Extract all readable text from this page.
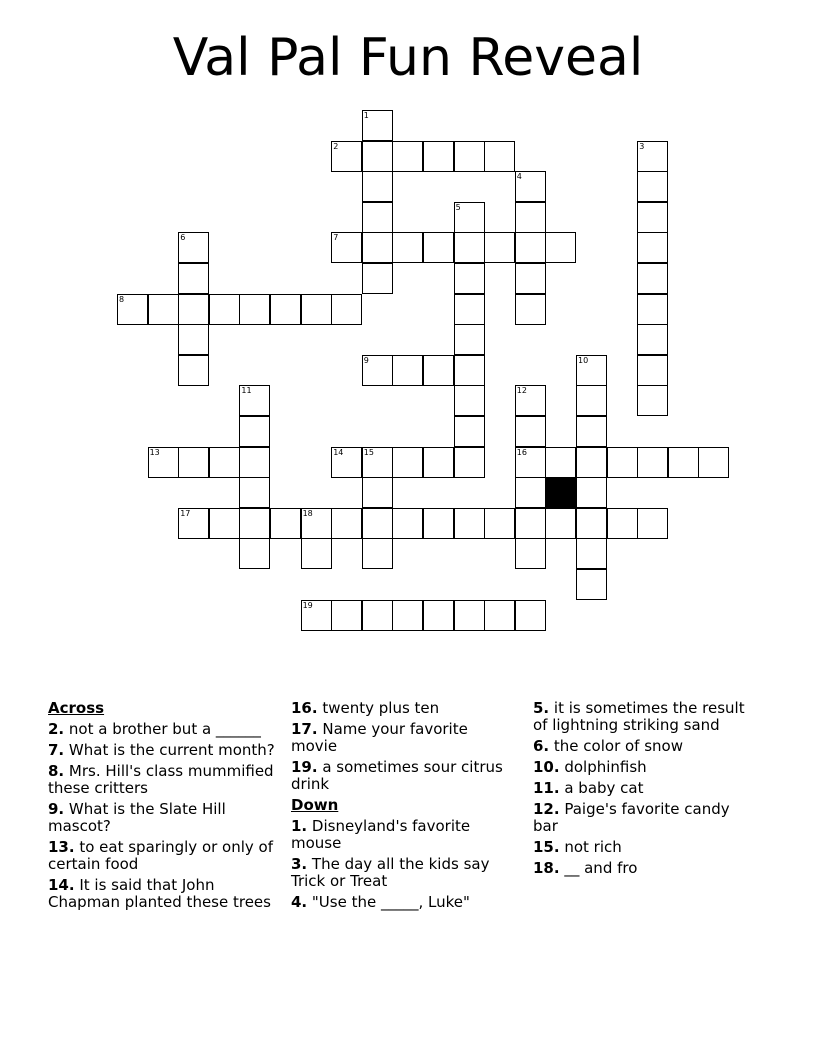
Val Pal Fun Reveal
1
2	3
4
5
6	7
8
9	10
11	12
13	14	15	16
17	18
19
Across
2. not a brother but a ______
7. What is the current month?
8. Mrs. Hill's class mummified these critters
9. What is the Slate Hill mascot?
13. to eat sparingly or only of certain food
14. It is said that John Chapman planted these trees
16. twenty plus ten
17. Name your favorite movie
19. a sometimes sour citrus drink
Down
1. Disneyland's favorite mouse
3. The day all the kids say Trick or Treat
4. "Use the _____, Luke"
5. it is sometimes the result of lightning striking sand
6. the color of snow
10. dolphinfish
11. a baby cat
12. Paige's favorite candy bar
15. not rich
18. __ and fro
